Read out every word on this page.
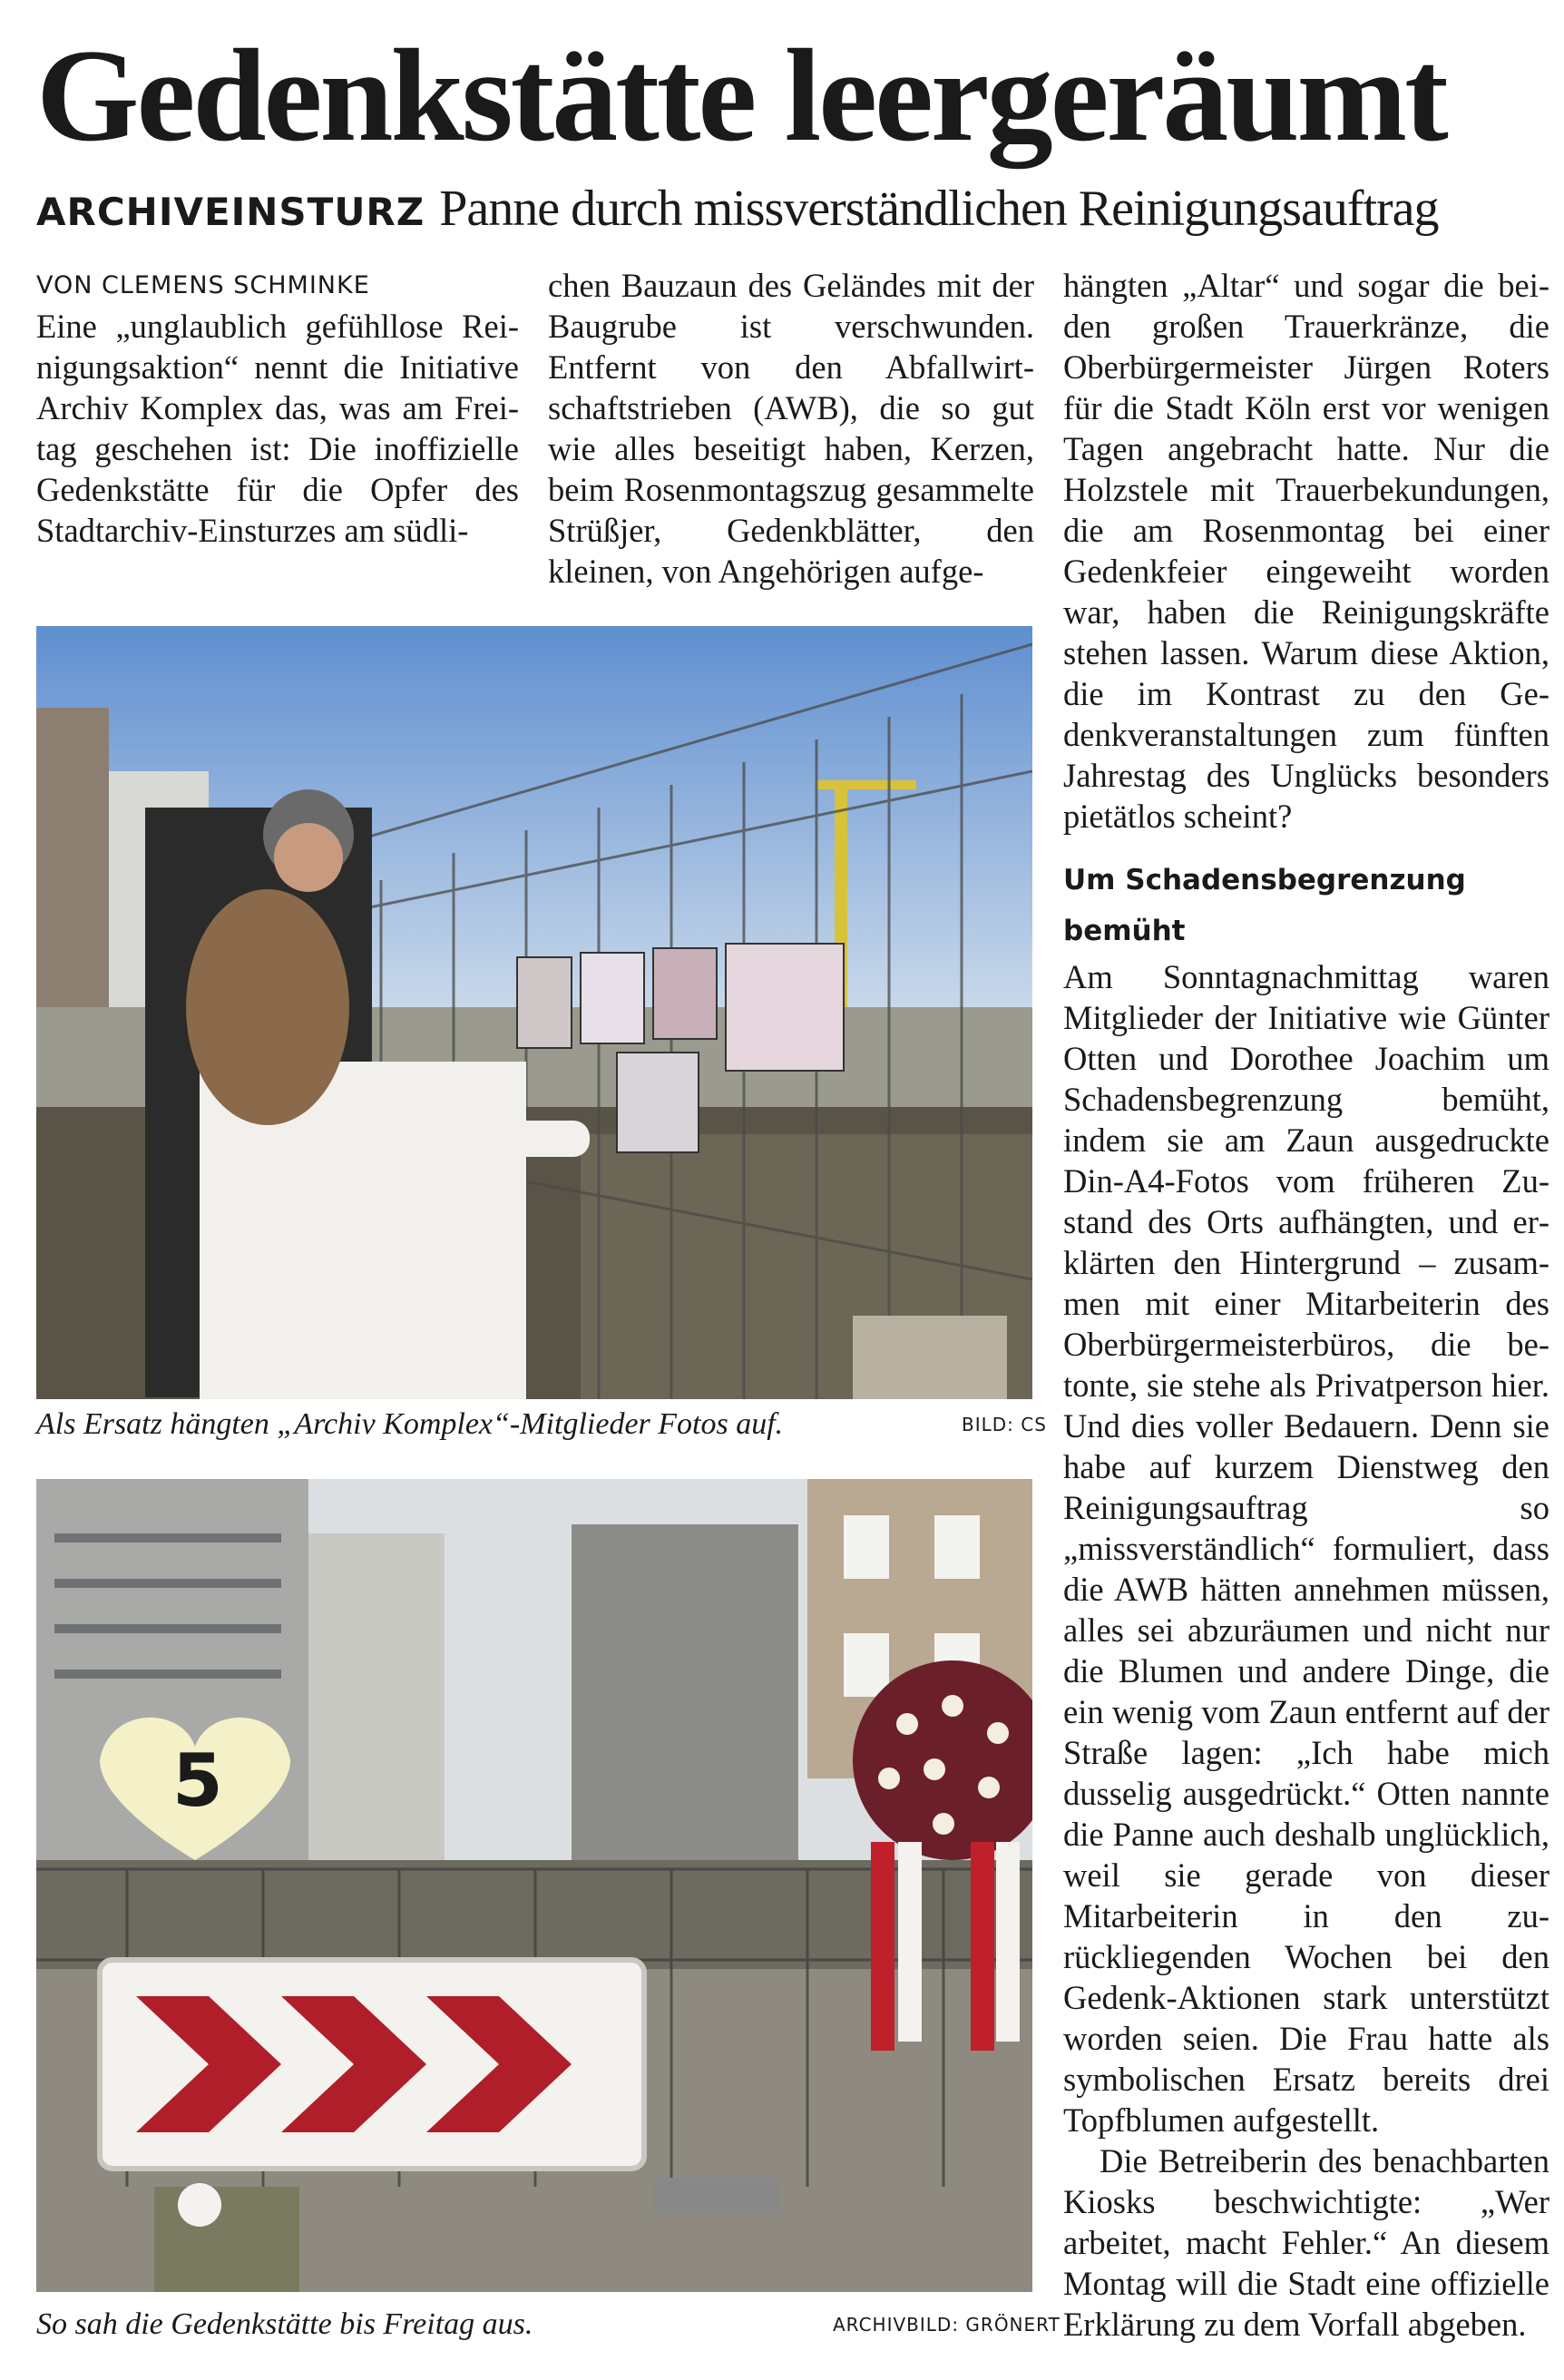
Gedenkstätte leergeräumt
ARCHIVEINSTURZ Panne durch missverständlichen Reinigungsauftrag

VON CLEMENS SCHMINKE

Eine „unglaublich gefühllose Reinigungsaktion“ nennt die Initiative Archiv Komplex das, was am Freitag geschehen ist: Die inoffizielle Gedenkstätte für die Opfer des Stadtarchiv-Einsturzes am südli-

chen Bauzaun des Geländes mit der Baugrube ist verschwunden. Entfernt von den Abfallwirtschaftstrieben (AWB), die so gut wie alles beseitigt haben, Kerzen, beim Rosenmontagszug gesammelte Strüßjer, Gedenkblätter, den kleinen, von Angehörigen aufge-

hängten „Altar“ und sogar die beiden großen Trauerkränze, die Oberbürgermeister Jürgen Roters für die Stadt Köln erst vor wenigen Tagen angebracht hatte. Nur die Holzstele mit Trauerbekundungen, die am Rosenmontag bei einer Gedenkfeier eingeweiht worden war, haben die Reinigungskräfte stehen lassen. Warum diese Aktion, die im Kontrast zu den Gedenkveranstaltungen zum fünften Jahrestag des Unglücks besonders pietätlos scheint?

Um Schadensbegrenzung bemüht

Am Sonntagnachmittag waren Mitglieder der Initiative wie Günter Otten und Dorothee Joachim um Schadensbegrenzung bemüht, indem sie am Zaun ausgedruckte Din-A4-Fotos vom früheren Zustand des Orts aufhängten, und erklärten den Hintergrund – zusammen mit einer Mitarbeiterin des Oberbürgermeisterbüros, die betonte, sie stehe als Privatperson hier. Und dies voller Bedauern. Denn sie habe auf kurzem Dienstweg den Reinigungsauftrag so „missverständlich“ formuliert, dass die AWB hätten annehmen müssen, alles sei abzuräumen und nicht nur die Blumen und andere Dinge, die ein wenig vom Zaun entfernt auf der Straße lagen: „Ich habe mich dusselig ausgedrückt.“ Otten nannte die Panne auch deshalb unglücklich, weil sie gerade von dieser Mitarbeiterin in den zurückliegenden Wochen bei den Gedenk-Aktionen stark unterstützt worden seien. Die Frau hatte als symbolischen Ersatz bereits drei Topfblumen aufgestellt.

Die Betreiberin des benachbarten Kiosks beschwichtigte: „Wer arbeitet, macht Fehler.“ An diesem Montag will die Stadt eine offizielle Erklärung zu dem Vorfall abgeben.

Als Ersatz hängten „Archiv Komplex“-Mitglieder Fotos auf.	BILD: CS
5
So sah die Gedenkstätte bis Freitag aus.	ARCHIVBILD: GRÖNERT
